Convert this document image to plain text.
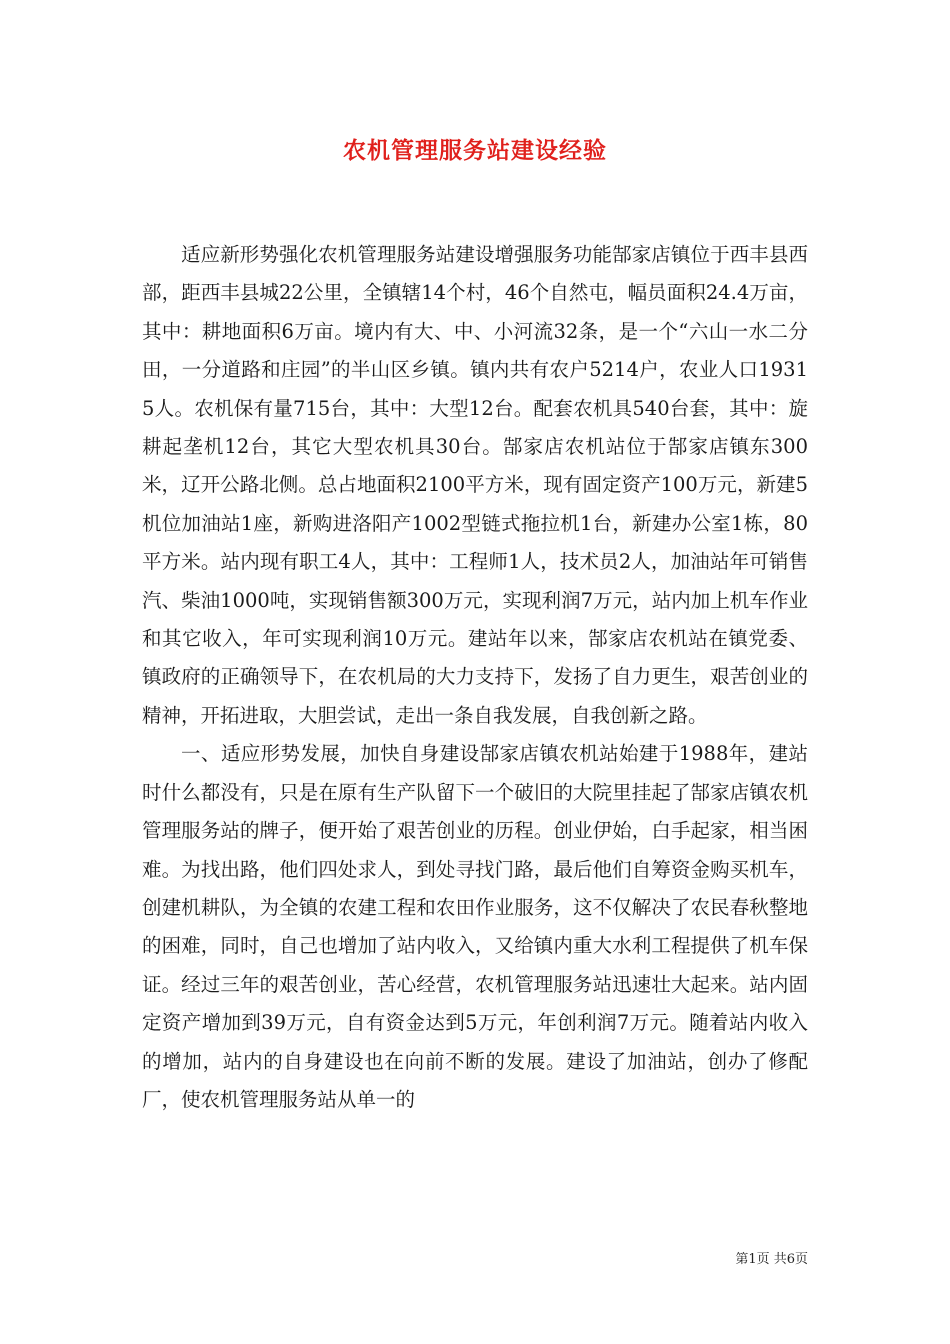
农机管理服务站建设经验

适应新形势强化农机管理服务站建设增强服务功能郜家店镇位于西丰县西部，距西丰县城22公里，全镇辖14个村，46个自然屯，幅员面积24.4万亩，其中：耕地面积6万亩。境内有大、中、小河流32条，是一个“六山一水二分田，一分道路和庄园”的半山区乡镇。镇内共有农户5214户，农业人口19315人。农机保有量715台，其中：大型12台。配套农机具540台套，其中：旋耕起垄机12台，其它大型农机具30台。郜家店农机站位于郜家店镇东300米，辽开公路北侧。总占地面积2100平方米，现有固定资产100万元，新建5机位加油站1座，新购进洛阳产1002型链式拖拉机1台，新建办公室1栋，80平方米。站内现有职工4人，其中：工程师1人，技术员2人，加油站年可销售汽、柴油1000吨，实现销售额300万元，实现利润7万元，站内加上机车作业和其它收入，年可实现利润10万元。建站年以来，郜家店农机站在镇党委、镇政府的正确领导下，在农机局的大力支持下，发扬了自力更生，艰苦创业的精神，开拓进取，大胆尝试，走出一条自我发展，自我创新之路。

一、适应形势发展，加快自身建设郜家店镇农机站始建于1988年，建站时什么都没有，只是在原有生产队留下一个破旧的大院里挂起了郜家店镇农机管理服务站的牌子，便开始了艰苦创业的历程。创业伊始，白手起家，相当困难。为找出路，他们四处求人，到处寻找门路，最后他们自筹资金购买机车，创建机耕队，为全镇的农建工程和农田作业服务，这不仅解决了农民春秋整地的困难，同时，自己也增加了站内收入，又给镇内重大水利工程提供了机车保证。经过三年的艰苦创业，苦心经营，农机管理服务站迅速壮大起来。站内固定资产增加到39万元，自有资金达到5万元，年创利润7万元。随着站内收入的增加，站内的自身建设也在向前不断的发展。建设了加油站，创办了修配厂，使农机管理服务站从单一的

第1页 共6页
